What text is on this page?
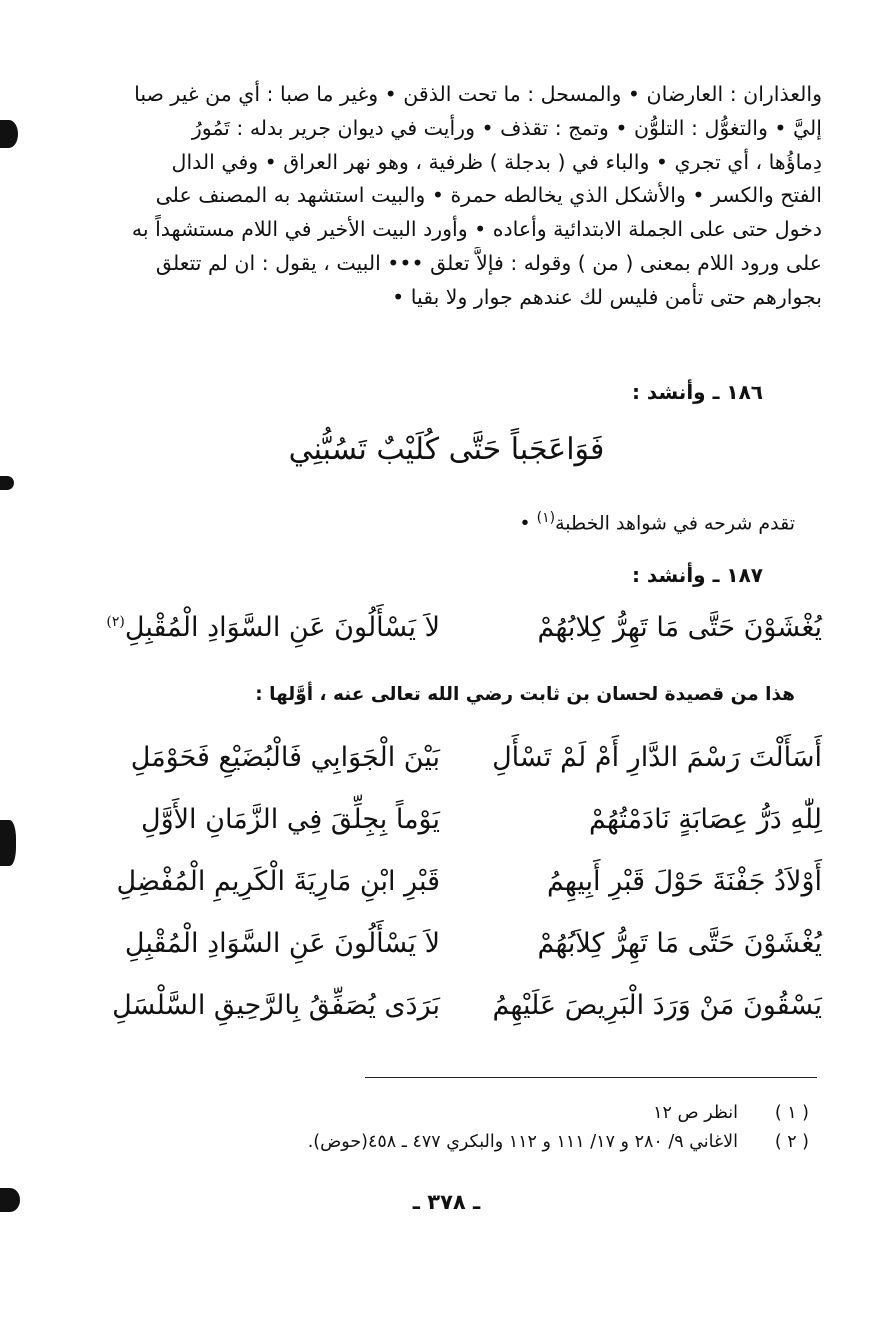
والعذاران : العارضان • والمسحل : ما تحت الذقن • وغير ما صبا : أي من غير صبا
إليَّ • والتغوُّل : التلوُّن • وتمج : تقذف • ورأيت في ديوان جرير بدله : تَمُورُ
دِماؤُها ، أي تجري • والباء في ( بدجلة ) ظرفية ، وهو نهر العراق • وفي الدال
الفتح والكسر • والأشكل الذي يخالطه حمرة • والبيت استشهد به المصنف على
دخول حتى على الجملة الابتدائية وأعاده • وأورد البيت الأخير في اللام مستشهداً به
على ورود اللام بمعنى ( من ) وقوله : فإلاَّ تعلق ••• البيت ، يقول : ان لم تتعلق
بجوارهم حتى تأمن فليس لك عندهم جوار ولا بقيا •
١٨٦ ـ وأنشد :
فَوَاعَجَباً حَتَّى كُلَيْبٌ تَسُبُّنِي
تقدم شرحه في شواهد الخطبة$^{(١)}$ •
١٨٧ ـ وأنشد :
يُغْشَوْنَ حَتَّى مَا تَهِرُّ كِلابُهُمْ
لاَ يَسْأَلُونَ عَنِ السَّوَادِ الْمُقْبِلِ$^{(٢)}$
هذا من قصيدة لحسان بن ثابت رضي الله تعالى عنه ، أوَّلها :
أَسَأَلْتَ رَسْمَ الدَّارِ أَمْ لَمْ تَسْأَلِ
بَيْنَ الْجَوَابِي فَالْبُضَيْعِ فَحَوْمَلِ
لِلّٰهِ دَرُّ عِصَابَةٍ نَادَمْتُهُمْ
يَوْماً بِجِلِّقَ فِي الزَّمَانِ الأَوَّلِ
أَوْلاَدُ جَفْنَةَ حَوْلَ قَبْرِ أَبِيهِمُ
قَبْرِ ابْنِ مَارِيَةَ الْكَرِيمِ الْمُفْضِلِ
يُغْشَوْنَ حَتَّى مَا تَهِرُّ كِلاَبُهُمْ
لاَ يَسْأَلُونَ عَنِ السَّوَادِ الْمُقْبِلِ
يَسْقُونَ مَنْ وَرَدَ الْبَرِيصَ عَلَيْهِمُ
بَرَدَى يُصَفِّقُ بِالرَّحِيقِ السَّلْسَلِ
( ١ )
انظر ص ١٢
( ٢ )
الاغاني ٩/ ٢٨٠ و ١٧/ ١١١ و ١١٢ والبكري ٤٧٧ ـ ٤٥٨(حوض).
ـ ٣٧٨ ـ
